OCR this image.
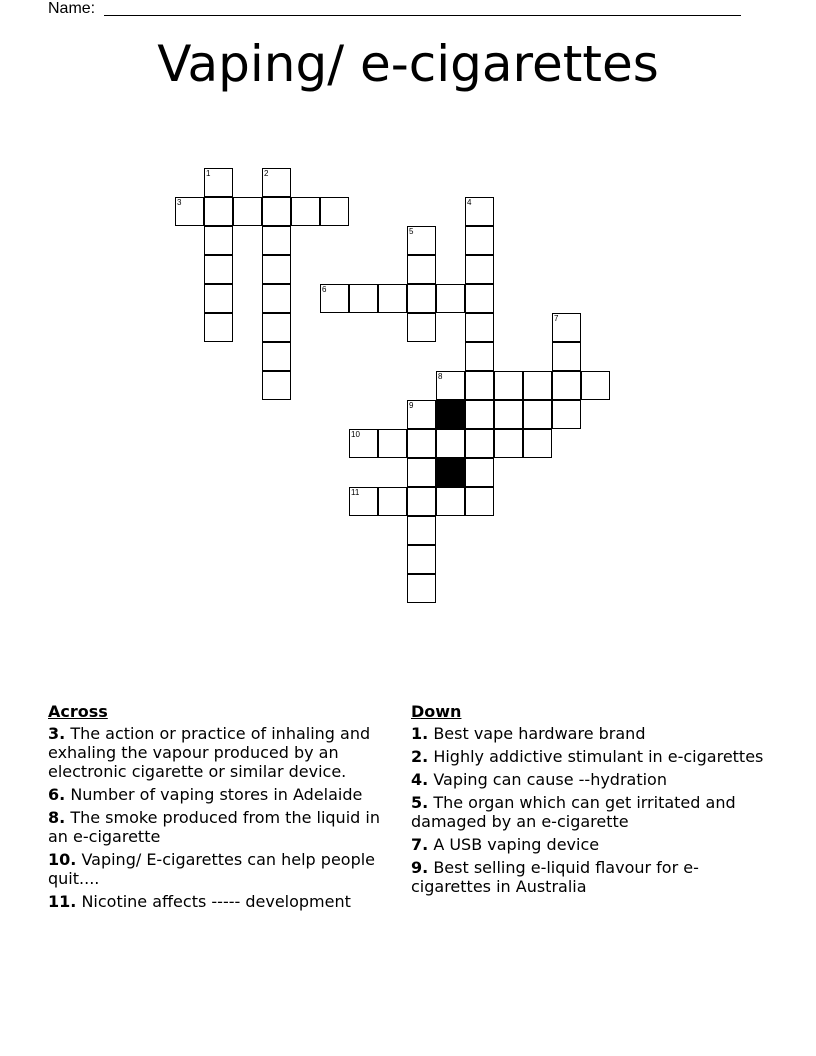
Name:
Vaping/ e-cigarettes
1	2
3	4
5
6
7
8
9
10
11
Across
3. The action or practice of inhaling and exhaling the vapour produced by an electronic cigarette or similar device.
6. Number of vaping stores in Adelaide
8. The smoke produced from the liquid in an e-cigarette
10. Vaping/ E-cigarettes can help people quit....
11. Nicotine affects ----- development
Down
1. Best vape hardware brand
2. Highly addictive stimulant in e-cigarettes
4. Vaping can cause --hydration
5. The organ which can get irritated and damaged by an e-cigarette
7. A USB vaping device
9. Best selling e-liquid flavour for e-cigarettes in Australia
